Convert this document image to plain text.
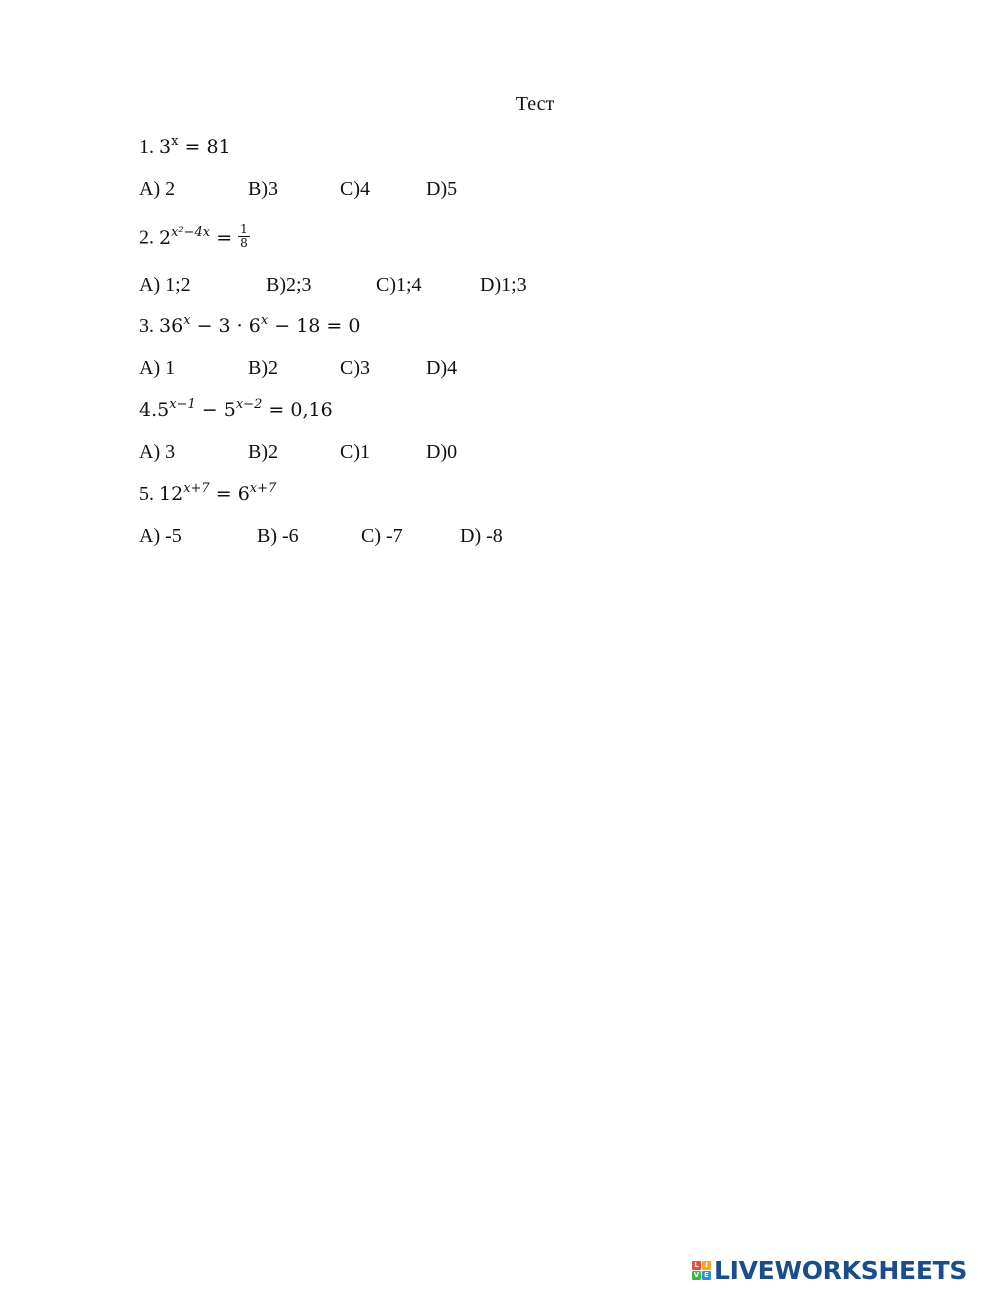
Тест
1. $3^x = 81$
A) 2	B)3	C)4	D)5
2. $2^{x^2-4x} = \frac{1}{8}$
A) 1;2	B)2;3	C)1;4	D)1;3
3. $36^x - 3 \cdot 6^x - 18 = 0$
A) 1	B)2	C)3	D)4
$4.5^{x-1} - 5^{x-2} = 0,16$
A) 3	B)2	C)1	D)0
5. $12^{x+7} = 6^{x+7}$
A) -5	B) -6	C) -7	D) -8
L I
V E LIVEWORKSHEETS
